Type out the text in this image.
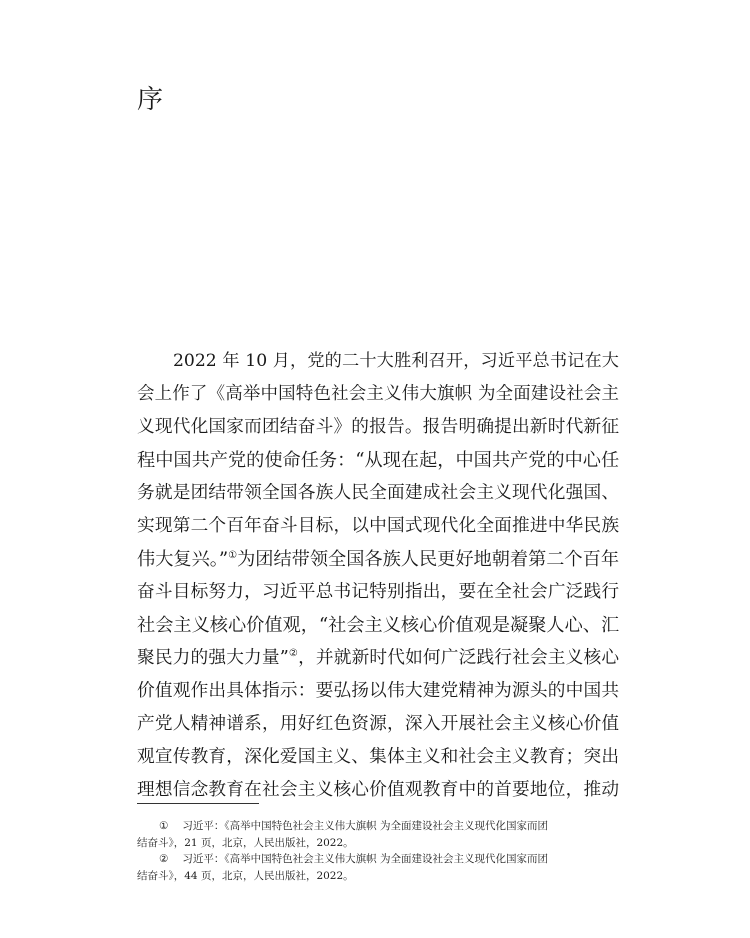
序
2022 年 10 月，党的二十大胜利召开，习近平总书记在大
会上作了《高举中国特色社会主义伟大旗帜 为全面建设社会主
义现代化国家而团结奋斗》的报告。报告明确提出新时代新征
程中国共产党的使命任务：“从现在起，中国共产党的中心任
务就是团结带领全国各族人民全面建成社会主义现代化强国、
实现第二个百年奋斗目标，以中国式现代化全面推进中华民族
伟大复兴。”①为团结带领全国各族人民更好地朝着第二个百年
奋斗目标努力，习近平总书记特别指出，要在全社会广泛践行
社会主义核心价值观，“社会主义核心价值观是凝聚人心、汇
聚民力的强大力量”②，并就新时代如何广泛践行社会主义核心
价值观作出具体指示：要弘扬以伟大建党精神为源头的中国共
产党人精神谱系，用好红色资源，深入开展社会主义核心价值
观宣传教育，深化爱国主义、集体主义和社会主义教育；突出
理想信念教育在社会主义核心价值观教育中的首要地位，推动
① 习近平：《高举中国特色社会主义伟大旗帜 为全面建设社会主义现代化国家而团
结奋斗》，21 页，北京，人民出版社，2022。
② 习近平：《高举中国特色社会主义伟大旗帜 为全面建设社会主义现代化国家而团
结奋斗》，44 页，北京，人民出版社，2022。
